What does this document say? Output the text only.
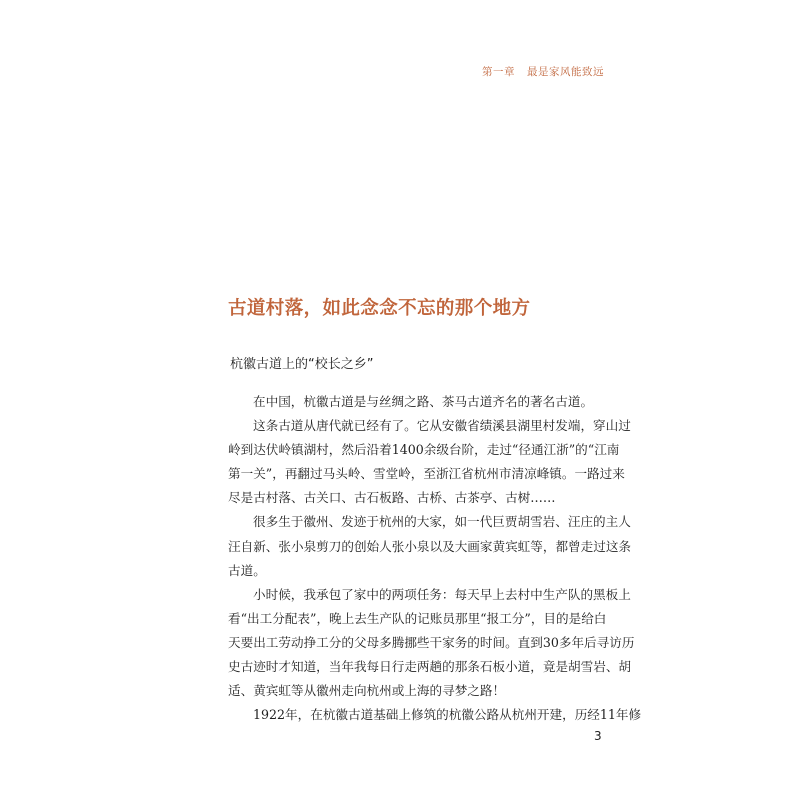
第一章 最是家风能致远
古道村落，如此念念不忘的那个地方
杭徽古道上的“校长之乡”
在中国，杭徽古道是与丝绸之路、茶马古道齐名的著名古道。
这条古道从唐代就已经有了。它从安徽省绩溪县湖里村发端，穿山过
岭到达伏岭镇湖村，然后沿着1400余级台阶，走过“径通江浙”的“江南
第一关”，再翻过马头岭、雪堂岭，至浙江省杭州市清凉峰镇。一路过来
尽是古村落、古关口、古石板路、古桥、古茶亭、古树……
很多生于徽州、发迹于杭州的大家，如一代巨贾胡雪岩、汪庄的主人
汪自新、张小泉剪刀的创始人张小泉以及大画家黄宾虹等，都曾走过这条
古道。
小时候，我承包了家中的两项任务：每天早上去村中生产队的黑板上
看“出工分配表”，晚上去生产队的记账员那里“报工分”，目的是给白
天要出工劳动挣工分的父母多腾挪些干家务的时间。直到30多年后寻访历
史古迹时才知道，当年我每日行走两趟的那条石板小道，竟是胡雪岩、胡
适、黄宾虹等从徽州走向杭州或上海的寻梦之路！
1922年，在杭徽古道基础上修筑的杭徽公路从杭州开建，历经11年修
3
